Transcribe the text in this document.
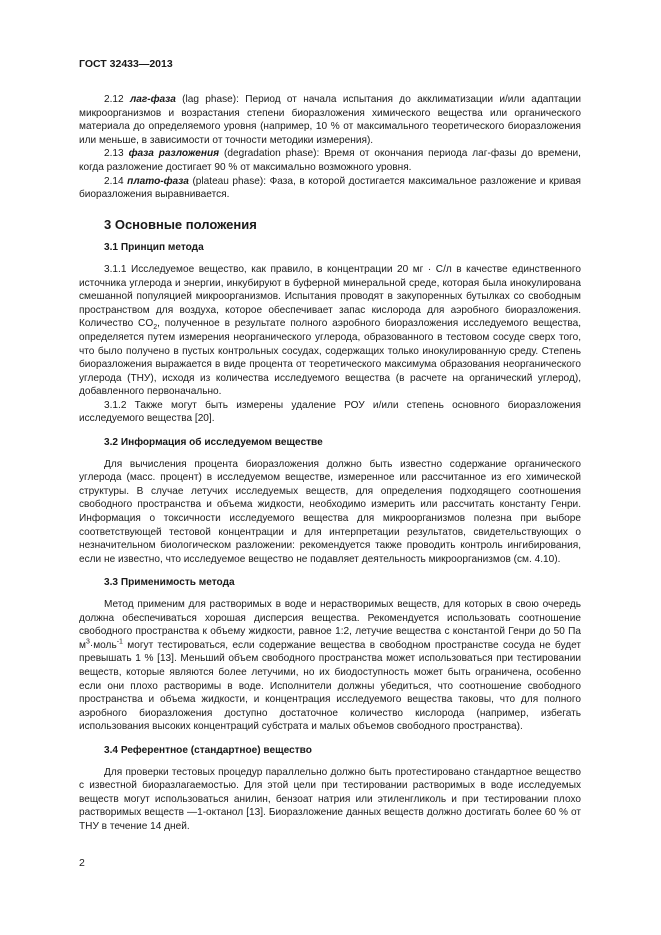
ГОСТ 32433—2013

2.12 лаг-фаза (lag phase): Период от начала испытания до акклиматизации и/или адаптации микроорганизмов и возрастания степени биоразложения химического вещества или органического материала до определяемого уровня (например, 10 % от максимального теоретического биоразложения или меньше, в зависимости от точности методики измерения).

2.13 фаза разложения (degradation phase): Время от окончания периода лаг-фазы до времени, когда разложение достигает 90 % от максимально возможного уровня.

2.14 плато-фаза (plateau phase): Фаза, в которой достигается максимальное разложение и кривая биоразложения выравнивается.

3 Основные положения
3.1 Принцип метода

3.1.1 Исследуемое вещество, как правило, в концентрации 20 мг · С/л в качестве единственного источника углерода и энергии, инкубируют в буферной минеральной среде, которая была инокулирована смешанной популяцией микроорганизмов. Испытания проводят в закупоренных бутылках со свободным пространством для воздуха, которое обеспечивает запас кислорода для аэробного биоразложения. Количество $CO_2$, полученное в результате полного аэробного биоразложения исследуемого вещества, определяется путем измерения неорганического углерода, образованного в тестовом сосуде сверх того, что было получено в пустых контрольных сосудах, содержащих только инокулированную среду. Степень биоразложения выражается в виде процента от теоретического максимума образования неорганического углерода (ТНУ), исходя из количества исследуемого вещества (в расчете на органический углерод), добавленного первоначально.

3.1.2 Также могут быть измерены удаление РОУ и/или степень основного биоразложения исследуемого вещества [20].

3.2 Информация об исследуемом веществе

Для вычисления процента биоразложения должно быть известно содержание органического углерода (масс. процент) в исследуемом веществе, измеренное или рассчитанное из его химической структуры. В случае летучих исследуемых веществ, для определения подходящего соотношения свободного пространства и объема жидкости, необходимо измерить или рассчитать константу Генри. Информация о токсичности исследуемого вещества для микроорганизмов полезна при выборе соответствующей тестовой концентрации и для интерпретации результатов, свидетельствующих о незначительном биологическом разложении: рекомендуется также проводить контроль ингибирования, если не известно, что исследуемое вещество не подавляет деятельность микроорганизмов (см. 4.10).

3.3 Применимость метода

Метод применим для растворимых в воде и нерастворимых веществ, для которых в свою очередь должна обеспечиваться хорошая дисперсия вещества. Рекомендуется использовать соотношение свободного пространства к объему жидкости, равное 1:2, летучие вещества с константой Генри до 50 Па $м^3\cdot моль^{-1}$ могут тестироваться, если содержание вещества в свободном пространстве сосуда не будет превышать 1 % [13]. Меньший объем свободного пространства может использоваться при тестировании веществ, которые являются более летучими, но их биодоступность может быть ограничена, особенно если они плохо растворимы в воде. Исполнители должны убедиться, что соотношение свободного пространства и объема жидкости, и концентрация исследуемого вещества таковы, что для полного аэробного биоразложения доступно достаточное количество кислорода (например, избегать использования высоких концентраций субстрата и малых объемов свободного пространства).

3.4 Референтное (стандартное) вещество

Для проверки тестовых процедур параллельно должно быть протестировано стандартное вещество с известной биоразлагаемостью. Для этой цели при тестировании растворимых в воде исследуемых веществ могут использоваться анилин, бензоат натрия или этиленгликоль и при тестировании плохо растворимых веществ —1-октанол [13]. Биоразложение данных веществ должно достигать более 60 % от ТНУ в течение 14 дней.

2
